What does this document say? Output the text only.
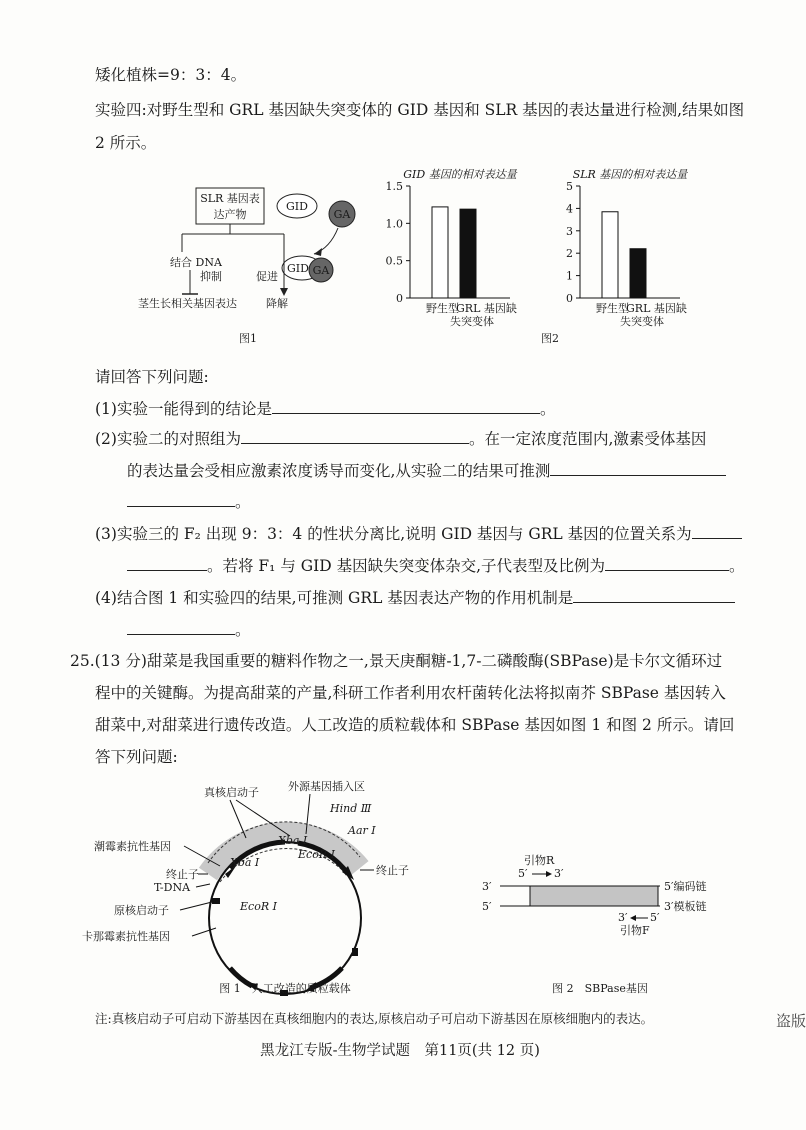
矮化植株=9：3：4。
实验四:对野生型和 GRL 基因缺失突变体的 GID 基因和 SLR 基因的表达量进行检测,结果如图
2 所示。
SLR 基因表
达产物
GID
GA
GID GA
结合 DNA
抑制	促进
茎生长相关基因表达	降解
图1
GID 基因的相对表达量
0
0.5
1.0
1.5
野生型
GRL 基因缺
失突变体
SLR 基因的相对表达量
0
1
2
3
4
5
野生型
GRL 基因缺
失突变体
图2
请回答下列问题:
(1)实验一能得到的结论是	。
(2)实验二的对照组为	。在一定浓度范围内,激素受体基因
的表达量会受相应激素浓度诱导而变化,从实验二的结果可推测
。
(3)实验三的 F₂ 出现 9：3：4 的性状分离比,说明 GID 基因与 GRL 基因的位置关系为
。若将 F₁ 与 GID 基因缺失突变体杂交,子代表型及比例为	。
(4)结合图 1 和实验四的结果,可推测 GRL 基因表达产物的作用机制是
。
25.(13 分)甜菜是我国重要的糖料作物之一,景天庚酮糖-1,7-二磷酸酶(SBPase)是卡尔文循环过
程中的关键酶。为提高甜菜的产量,科研工作者利用农杆菌转化法将拟南芥 SBPase 基因转入
甜菜中,对甜菜进行遗传改造。人工改造的质粒载体和 SBPase 基因如图 1 和图 2 所示。请回
答下列问题:
真核启动子	外源基因插入区
Hind Ⅲ
Aar Ⅰ
Xba Ⅰ
EcoR Ⅰ
潮霉素抗性基因
Xba Ⅰ
终止子
T-DNA
终止子
原核启动子	EcoR Ⅰ
卡那霉素抗性基因
图 1　人工改造的质粒载体
引物R
5′ 3′
3′
5′
5′编码链
3′模板链
3′ 5′
引物F
图 2　SBPase基因
注:真核启动子可启动下游基因在真核细胞内的表达,原核启动子可启动下游基因在原核细胞内的表达。	盗版
黑龙江专版-生物学试题　第11页(共 12 页)
